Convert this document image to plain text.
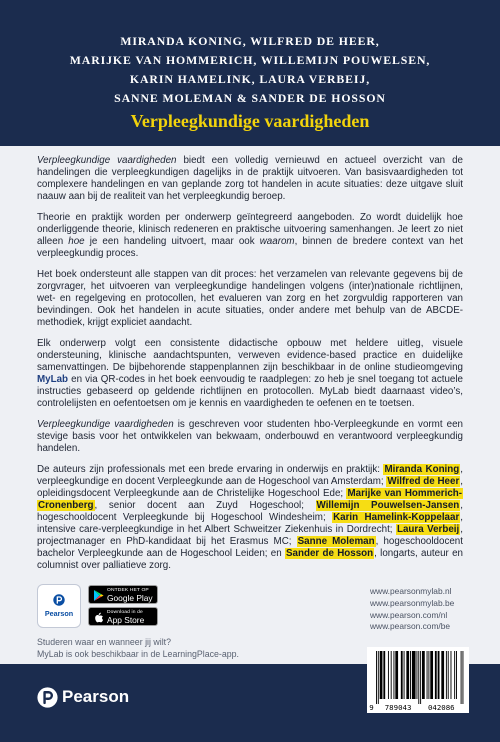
MIRANDA KONING, WILFRED DE HEER,
MARIJKE VAN HOMMERICH, WILLEMIJN POUWELSEN,
KARIN HAMELINK, LAURA VERBEIJ,
SANNE MOLEMAN & SANDER DE HOSSON
Verpleegkundige vaardigheden

Verpleegkundige vaardigheden biedt een volledig vernieuwd en actueel overzicht van de handelingen die verpleegkundigen dagelijks in de praktijk uitvoeren. Van basisvaardigheden tot complexere handelingen en van geplande zorg tot handelen in acute situaties: deze uitgave sluit naauw aan bij de realiteit van het verpleegkundig beroep.

Theorie en praktijk worden per onderwerp geïntegreerd aangeboden. Zo wordt duidelijk hoe onderliggende theorie, klinisch redeneren en praktische uitvoering samenhangen. Je leert zo niet alleen hoe je een handeling uitvoert, maar ook waarom, binnen de bredere context van het verpleegkundig proces.

Het boek ondersteunt alle stappen van dit proces: het verzamelen van relevante gegevens bij de zorgvrager, het uitvoeren van verpleegkundige handelingen volgens (inter)nationale richtlijnen, wet- en regelgeving en protocollen, het evalueren van zorg en het zorgvuldig rapporteren van bevindingen. Ook het handelen in acute situaties, onder andere met behulp van de ABCDE-methodiek, krijgt expliciet aandacht.

Elk onderwerp volgt een consistente didactische opbouw met heldere uitleg, visuele ondersteuning, klinische aandachtspunten, verweven evidence-based practice en duidelijke samenvattingen. De bijbehorende stappenplannen zijn beschikbaar in de online studieomgeving MyLab en via QR-codes in het boek eenvoudig te raadplegen: zo heb je snel toegang tot actuele instructies gebaseerd op geldende richtlijnen en protocollen. MyLab biedt daarnaast video’s, controlelijsten en oefentoetsen om je kennis en vaardigheden te oefenen en te toetsen.

Verpleegkundige vaardigheden is geschreven voor studenten hbo-Verpleegkunde en vormt een stevige basis voor het ontwikkelen van bekwaam, onderbouwd en verantwoord verpleegkundig handelen.

De auteurs zijn professionals met een brede ervaring in onderwijs en praktijk: Miranda Koning, verpleegkundige en docent Verpleegkunde aan de Hogeschool van Amsterdam; Wilfred de Heer, opleidingsdocent Verpleegkunde aan de Christelijke Hogeschool Ede; Marijke van Hommerich-Cronenberg, senior docent aan Zuyd Hogeschool; Willemijn Pouwelsen-Jansen, hogeschooldocent Verpleegkunde bij Hogeschool Windesheim; Karin Hamelink-Koppelaar, intensive care-verpleegkundige in het Albert Schweitzer Ziekenhuis in Dordrecht; Laura Verbeij, projectmanager en PhD-kandidaat bij het Erasmus MC; Sanne Moleman, hogeschooldocent bachelor Verpleegkunde aan de Hogeschool Leiden; en Sander de Hosson, longarts, auteur en columnist over palliatieve zorg.

Pearson
ONTDEK HET OP
Google Play
Download in de
App Store
Studeren waar en wanneer jij wilt?
MyLab is ook beschikbaar in de LearningPlace-app.
www.pearsonmylab.nl
www.pearsonmylab.be
www.pearson.com/nl
www.pearson.com/be
9 789043 042086
Pearson
